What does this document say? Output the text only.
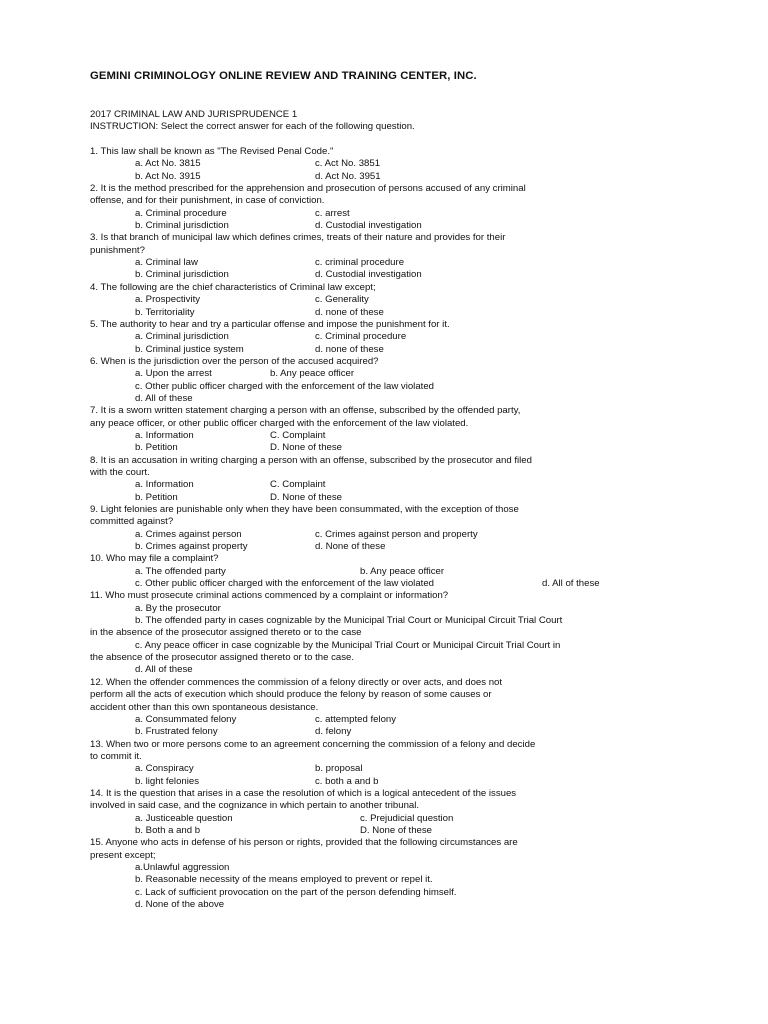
GEMINI CRIMINOLOGY ONLINE REVIEW AND TRAINING CENTER, INC.
2017 CRIMINAL LAW AND JURISPRUDENCE 1
INSTRUCTION: Select the correct answer for each of the following question.
1. This law shall be known as "The Revised Penal Code."
a. Act No. 3815	c. Act No. 3851
b. Act No. 3915	d. Act No. 3951
2. It is the method prescribed for the apprehension and prosecution of persons accused of any criminal
offense, and for their punishment, in case of conviction.
a. Criminal procedure	c. arrest
b. Criminal jurisdiction	d. Custodial investigation
3. Is that branch of municipal law which defines crimes, treats of their nature and provides for their
punishment?
a. Criminal law	c. criminal procedure
b. Criminal jurisdiction	d. Custodial investigation
4. The following are the chief characteristics of Criminal law except;
a. Prospectivity	c. Generality
b. Territoriality	d. none of these
5. The authority to hear and try a particular offense and impose the punishment for it.
a. Criminal jurisdiction	c. Criminal procedure
b. Criminal justice system	d. none of these
6. When is the jurisdiction over the person of the accused acquired?
a. Upon the arrest	b. Any peace officer
c. Other public officer charged with the enforcement of the law violated
d. All of these
7. It is a sworn written statement charging a person with an offense, subscribed by the offended party,
any peace officer, or other public officer charged with the enforcement of the law violated.
a. Information	C. Complaint
b. Petition	D. None of these
8. It is an accusation in writing charging a person with an offense, subscribed by the prosecutor and filed
with the court.
a. Information	C. Complaint
b. Petition	D. None of these
9. Light felonies are punishable only when they have been consummated, with the exception of those
committed against?
a. Crimes against person	c. Crimes against person and property
b. Crimes against property	d. None of these
10. Who may file a complaint?
a. The offended party	b. Any peace officer
c. Other public officer charged with the enforcement of the law violated	d. All of these
11. Who must prosecute criminal actions commenced by a complaint or information?
a. By the prosecutor
b. The offended party in cases cognizable by the Municipal Trial Court or Municipal Circuit Trial Court
in the absence of the prosecutor assigned thereto or to the case
c. Any peace officer in case cognizable by the Municipal Trial Court or Municipal Circuit Trial Court in
the absence of the prosecutor assigned thereto or to the case.
d. All of these
12. When the offender commences the commission of a felony directly or over acts, and does not
perform all the acts of execution which should produce the felony by reason of some causes or
accident other than this own spontaneous desistance.
a. Consummated felony	c. attempted felony
b. Frustrated felony	d. felony
13. When two or more persons come to an agreement concerning the commission of a felony and decide
to commit it.
a. Conspiracy	b. proposal
b. light felonies	c. both a and b
14. It is the question that arises in a case the resolution of which is a logical antecedent of the issues
involved in said case, and the cognizance in which pertain to another tribunal.
a. Justiceable question	c. Prejudicial question
b. Both a and b	D. None of these
15. Anyone who acts in defense of his person or rights, provided that the following circumstances are
present except;
a.Unlawful aggression
b. Reasonable necessity of the means employed to prevent or repel it.
c. Lack of sufficient provocation on the part of the person defending himself.
d. None of the above
